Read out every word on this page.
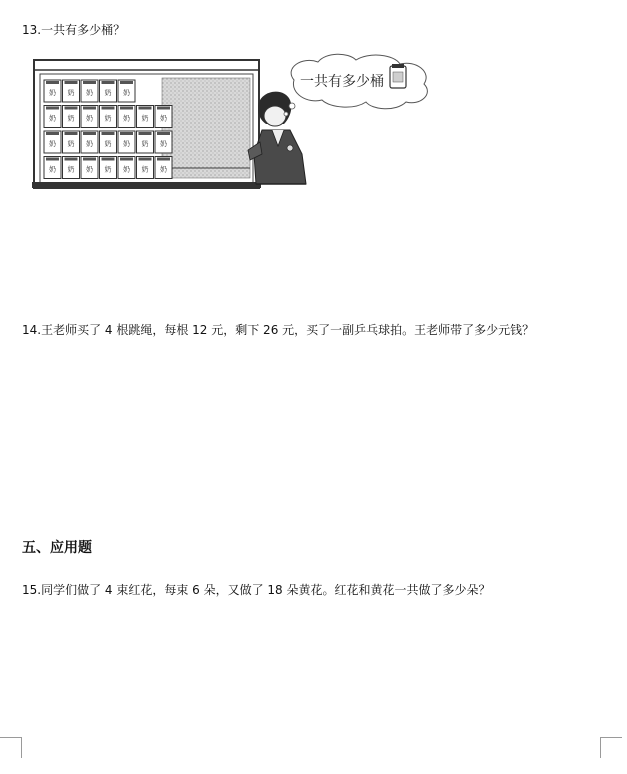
13.一共有多少桶？
奶 奶 奶 奶 奶
奶 奶 奶 奶 奶 奶 奶
奶 奶 奶 奶 奶 奶 奶
奶 奶 奶 奶 奶 奶 奶
一共有多少桶
14.王老师买了 4 根跳绳，每根 12 元，剩下 26 元，买了一副乒乓球拍。王老师带了多少元钱？
五、应用题
15.同学们做了 4 束红花，每束 6 朵，又做了 18 朵黄花。红花和黄花一共做了多少朵？
